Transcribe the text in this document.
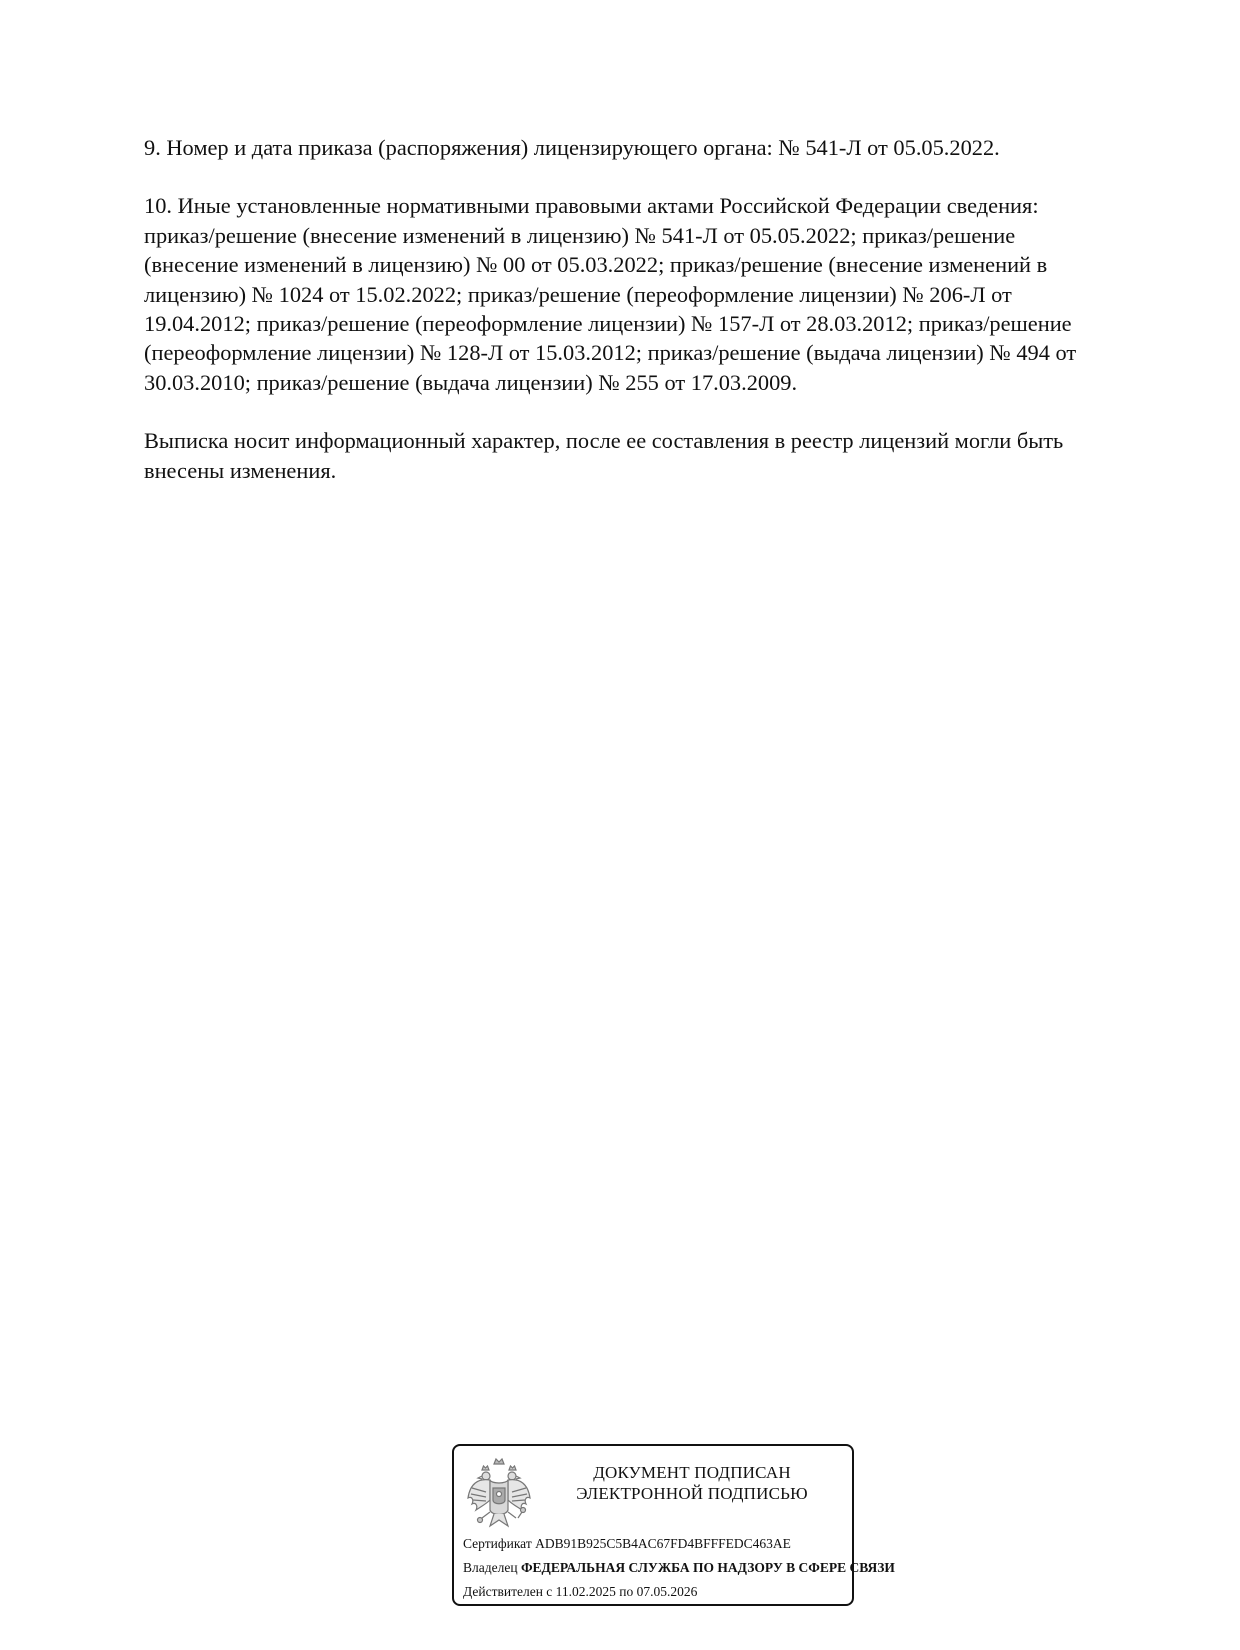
9. Номер и дата приказа (распоряжения) лицензирующего органа: № 541-Л от 05.05.2022.

10. Иные установленные нормативными правовыми актами Российской Федерации сведения:
приказ/решение (внесение изменений в лицензию) № 541-Л от 05.05.2022; приказ/решение
(внесение изменений в лицензию) № 00 от 05.03.2022; приказ/решение (внесение изменений в
лицензию) № 1024 от 15.02.2022; приказ/решение (переоформление лицензии) № 206-Л от
19.04.2012; приказ/решение (переоформление лицензии) № 157-Л от 28.03.2012; приказ/решение
(переоформление лицензии) № 128-Л от 15.03.2012; приказ/решение (выдача лицензии) № 494 от
30.03.2010; приказ/решение (выдача лицензии) № 255 от 17.03.2009.

Выписка носит информационный характер, после ее составления в реестр лицензий могли быть
внесены изменения.

ДОКУМЕНТ ПОДПИСАН
ЭЛЕКТРОННОЙ ПОДПИСЬЮ
Сертификат ADB91B925C5B4AC67FD4BFFFEDC463AE
Владелец ФЕДЕРАЛЬНАЯ СЛУЖБА ПО НАДЗОРУ В СФЕРЕ СВЯЗИ
Действителен с 11.02.2025 по 07.05.2026
